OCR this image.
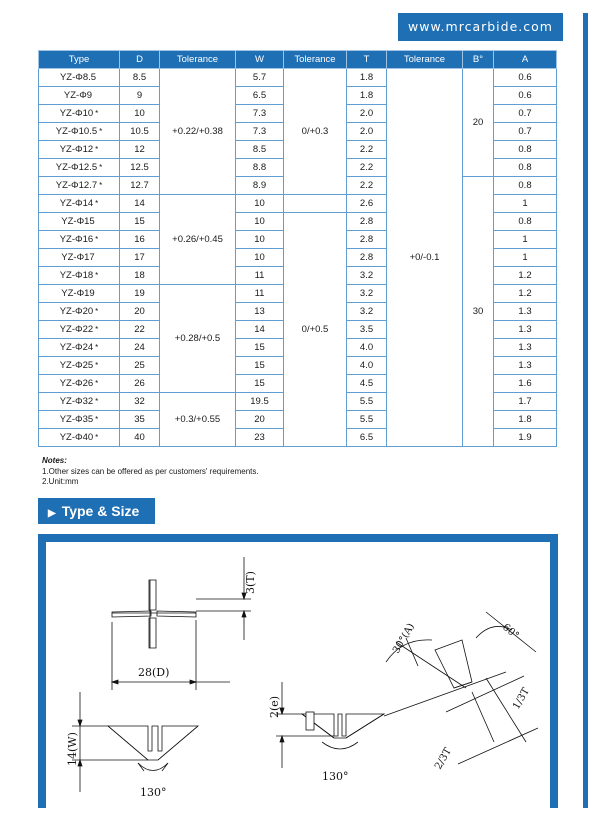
www.mrcarbide.com
Type	D	Tolerance	W	Tolerance	T	Tolerance	B°	A
YZ-Φ8.5	8.5	+0.22/+0.38	5.7	0/+0.3	1.8	+0/-0.1	20	0.6
YZ-Φ9	9		6.5		1.8			0.6
YZ-Φ10 *	10		7.3		2.0			0.7
YZ-Φ10.5 *	10.5		7.3		2.0			0.7
YZ-Φ12 *	12		8.5		2.2			0.8
YZ-Φ12.5 *	12.5		8.8		2.2			0.8
YZ-Φ12.7 *	12.7		8.9		2.2		30	0.8
YZ-Φ14 *	14	+0.26/+0.45	10		2.6			1
YZ-Φ15	15		10	0/+0.5	2.8			0.8
YZ-Φ16 *	16		10		2.8			1
YZ-Φ17	17		10		2.8			1
YZ-Φ18 *	18		11		3.2			1.2
YZ-Φ19	19	+0.28/+0.5	11		3.2			1.2
YZ-Φ20 *	20		13		3.2			1.3
YZ-Φ22 *	22		14		3.5			1.3
YZ-Φ24 *	24		15		4.0			1.3
YZ-Φ25 *	25		15		4.0			1.3
YZ-Φ26 *	26		15		4.5			1.6
YZ-Φ32 *	32	+0.3/+0.55	19.5		5.5			1.7
YZ-Φ35 *	35		20		5.5			1.8
YZ-Φ40 *	40		23		6.5			1.9
Notes:
1.Other sizes can be offered as per customers' requirements.
2.Unit:mm
▶ Type & Size
3(T)
28(D)
14(W)
130°
2(e)
130°
30°(A)	60°
1/3T
2/3T
